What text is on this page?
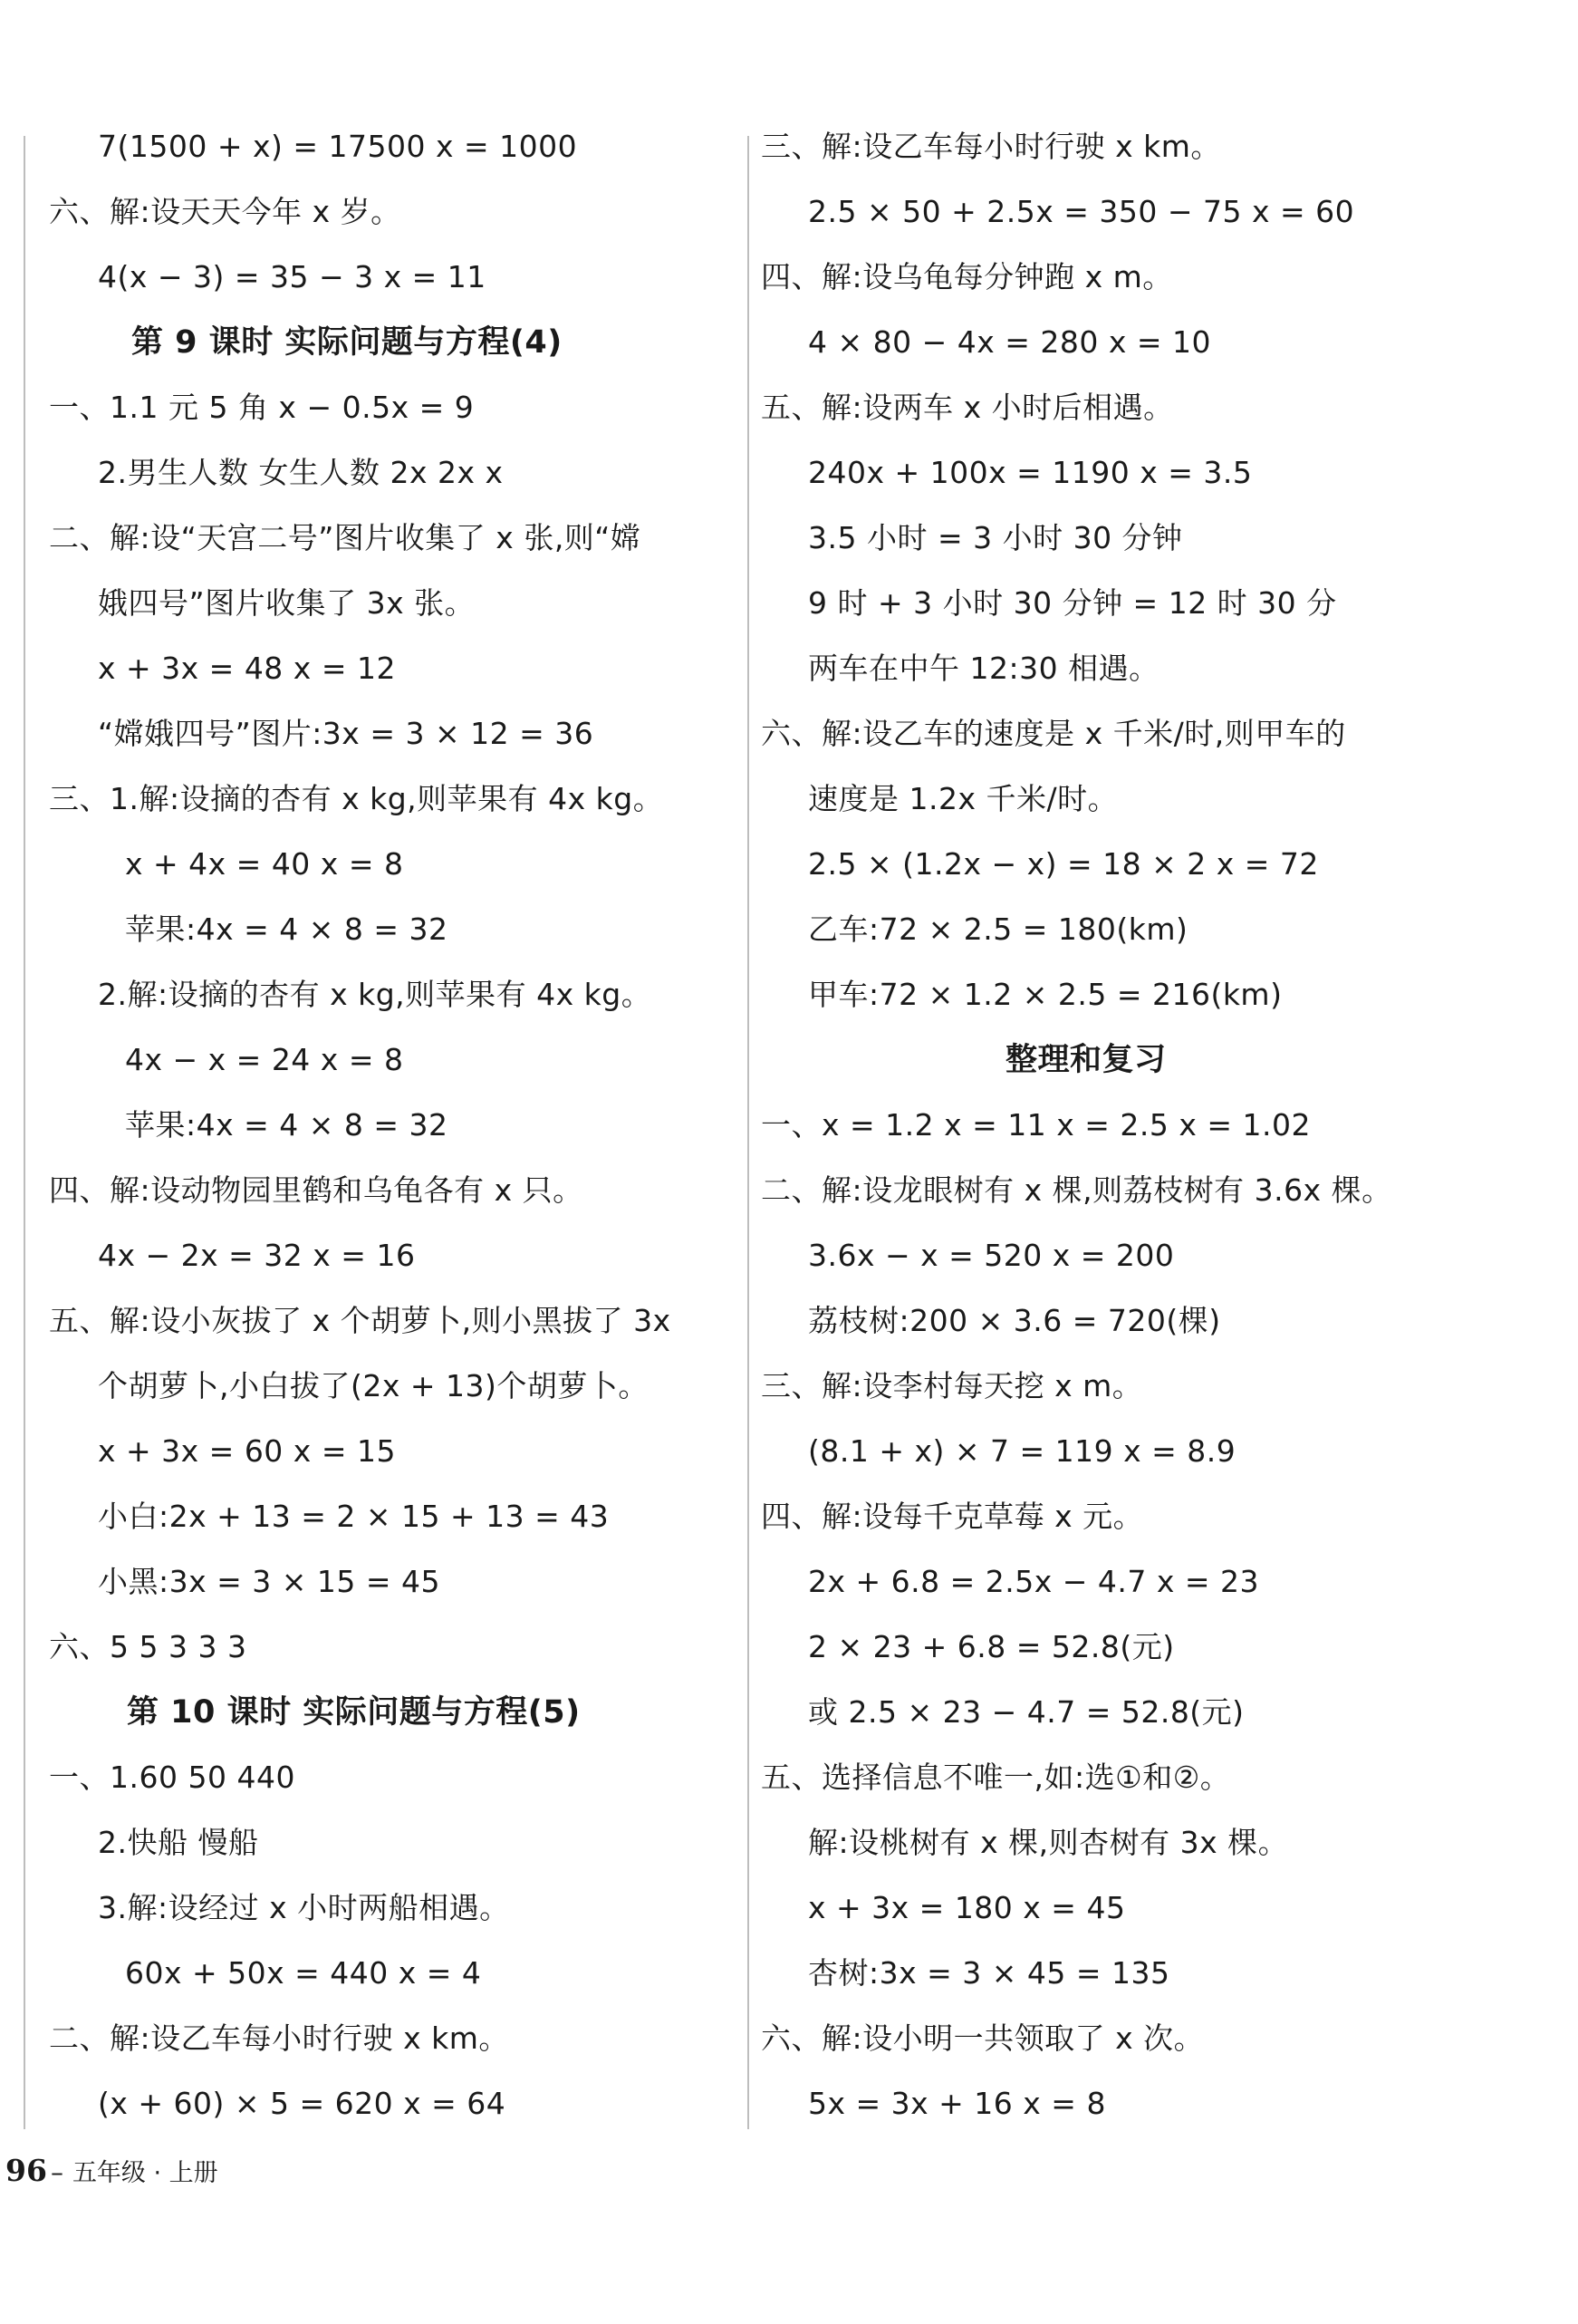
7(1500 + x) = 17500 x = 1000
六、解:设天天今年 x 岁。
4(x − 3) = 35 − 3 x = 11
第 9 课时 实际问题与方程(4)
一、1.1 元 5 角 x − 0.5x = 9
2.男生人数 女生人数 2x 2x x
二、解:设“天宫二号”图片收集了 x 张,则“嫦
娥四号”图片收集了 3x 张。
x + 3x = 48 x = 12
“嫦娥四号”图片:3x = 3 × 12 = 36
三、1.解:设摘的杏有 x kg,则苹果有 4x kg。
x + 4x = 40 x = 8
苹果:4x = 4 × 8 = 32
2.解:设摘的杏有 x kg,则苹果有 4x kg。
4x − x = 24 x = 8
苹果:4x = 4 × 8 = 32
四、解:设动物园里鹤和乌龟各有 x 只。
4x − 2x = 32 x = 16
五、解:设小灰拔了 x 个胡萝卜,则小黑拔了 3x
个胡萝卜,小白拔了(2x + 13)个胡萝卜。
x + 3x = 60 x = 15
小白:2x + 13 = 2 × 15 + 13 = 43
小黑:3x = 3 × 15 = 45
六、5 5 3 3 3
第 10 课时 实际问题与方程(5)
一、1.60 50 440
2.快船 慢船
3.解:设经过 x 小时两船相遇。
60x + 50x = 440 x = 4
二、解:设乙车每小时行驶 x km。
(x + 60) × 5 = 620 x = 64
三、解:设乙车每小时行驶 x km。
2.5 × 50 + 2.5x = 350 − 75 x = 60
四、解:设乌龟每分钟跑 x m。
4 × 80 − 4x = 280 x = 10
五、解:设两车 x 小时后相遇。
240x + 100x = 1190 x = 3.5
3.5 小时 = 3 小时 30 分钟
9 时 + 3 小时 30 分钟 = 12 时 30 分
两车在中午 12:30 相遇。
六、解:设乙车的速度是 x 千米/时,则甲车的
速度是 1.2x 千米/时。
2.5 × (1.2x − x) = 18 × 2 x = 72
乙车:72 × 2.5 = 180(km)
甲车:72 × 1.2 × 2.5 = 216(km)
整理和复习
一、x = 1.2 x = 11 x = 2.5 x = 1.02
二、解:设龙眼树有 x 棵,则荔枝树有 3.6x 棵。
3.6x − x = 520 x = 200
荔枝树:200 × 3.6 = 720(棵)
三、解:设李村每天挖 x m。
(8.1 + x) × 7 = 119 x = 8.9
四、解:设每千克草莓 x 元。
2x + 6.8 = 2.5x − 4.7 x = 23
2 × 23 + 6.8 = 52.8(元)
或 2.5 × 23 − 4.7 = 52.8(元)
五、选择信息不唯一,如:选①和②。
解:设桃树有 x 棵,则杏树有 3x 棵。
x + 3x = 180 x = 45
杏树:3x = 3 × 45 = 135
六、解:设小明一共领取了 x 次。
5x = 3x + 16 x = 8
96 – 五年级 · 上册
